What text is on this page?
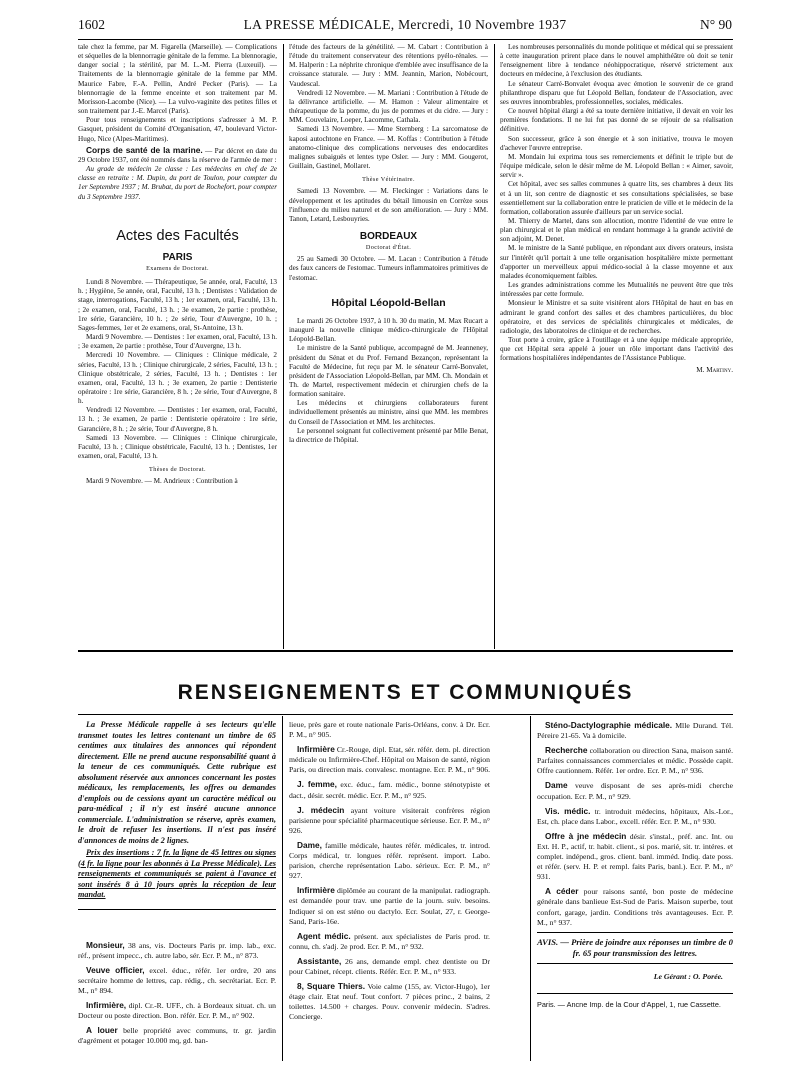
1602	LA PRESSE MÉDICALE, Mercredi, 10 Novembre 1937	N° 90

tale chez la femme, par M. Figarella (Marseille). — Complications et séquelles de la blennorragie génitale de la femme. La blennoragie, danger social ; la stérilité, par M. L.-M. Pierra (Luxeuil). — Traitements de la blennorragie génitale de la femme par MM. Maurice Fabre, F.-A. Pellin, André Pecker (Paris). — La blennorragie de la femme enceinte et son traitement par M. Morisson-Lacombe (Nice). — La vulvo-vaginite des petites filles et son traitement par J.-E. Marcel (Paris).

Pour tous renseignements et inscriptions s'adresser à M. P. Gasquet, président du Comité d'Organisation, 47, boulevard Victor-Hugo, Nice (Alpes-Maritimes).

Corps de santé de la marine. — Par décret en date du 29 Octobre 1937, ont été nommés dans la réserve de l'armée de mer :

Au grade de médecin 2e classe : Les médecins en chef de 2e classe en retraite : M. Dupin, du port de Toulon, pour compter du 1er Septembre 1937 ; M. Brubat, du port de Rochefort, pour compter du 3 Septembre 1937.

Actes des Facultés
PARIS
Examens de Doctorat.

Lundi 8 Novembre. — Thérapeutique, 5e année, oral, Faculté, 13 h. ; Hygiène, 5e année, oral, Faculté, 13 h. ; Dentistes : Validation de stage, interrogations, Faculté, 13 h. ; 1er examen, oral, Faculté, 13 h. ; 2e examen, oral, Faculté, 13 h. ; 3e examen, 2e partie : prothèse, 1re série, Garancière, 10 h. ; 2e série, Tour d'Auvergne, 10 h. ; Sages-femmes, 1er et 2e examens, oral, St-Antoine, 13 h.

Mardi 9 Novembre. — Dentistes : 1er examen, oral, Faculté, 13 h. ; 3e examen, 2e partie : prothèse, Tour d'Auvergne, 13 h.

Mercredi 10 Novembre. — Cliniques : Clinique médicale, 2 séries, Faculté, 13 h. ; Clinique chirurgicale, 2 séries, Faculté, 13 h. ; Clinique obstétricale, 2 séries, Faculté, 13 h. ; Dentistes : 1er examen, oral, Faculté, 13 h. ; 3e examen, 2e partie : Dentisterie opératoire : 1re série, Garancière, 8 h. ; 2e série, Tour d'Auvergne, 8 h.

Vendredi 12 Novembre. — Dentistes : 1er examen, oral, Faculté, 13 h. ; 3e examen, 2e partie : Dentisterie opératoire : 1re série, Garancière, 8 h. ; 2e série, Tour d'Auvergne, 8 h.

Samedi 13 Novembre. — Cliniques : Clinique chirurgicale, Faculté, 13 h. ; Clinique obstétricale, Faculté, 13 h. ; Dentistes, 1er examen, oral, Faculté, 13 h.

Thèses de Doctorat.

Mardi 9 Novembre. — M. Andrieux : Contribution à

l'étude des facteurs de la génétilité. — M. Cabart : Contribution à l'étude du traitement conservateur des rétentions pyélo-rénales. — M. Halperin : La néphrite chronique d'emblée avec insuffisance de la croissance staturale. — Jury : MM. Jeannin, Marion, Nobécourt, Vaudescal.

Vendredi 12 Novembre. — M. Mariani : Contribution à l'étude de la délivrance artificielle. — M. Hamon : Valeur alimentaire et thérapeutique de la pomme, du jus de pommes et du cidre. — Jury : MM. Couvelaire, Loeper, Lacomme, Cathala.

Samedi 13 Novembre. — Mme Sternberg : La sarcomatose de kaposi autochtone en France. — M. Koffas : Contribution à l'étude anatomo-clinique des complications nerveuses des endocardites malignes subaiguës et lentes type Osler. — Jury : MM. Gougerot, Guillain, Gastinel, Mollaret.

Thèse Vétérinaire.

Samedi 13 Novembre. — M. Fleckinger : Variations dans le développement et les aptitudes du bétail limousin en Corrèze sous l'influence du milieu naturel et de son amélioration. — Jury : MM. Tanon, Letard, Lesbouyries.

BORDEAUX
Doctorat d'État.

25 au Samedi 30 Octobre. — M. Lacan : Contribution à l'étude des faux cancers de l'estomac. Tumeurs inflammatoires primitives de l'estomac.

Hôpital Léopold-Bellan

Le mardi 26 Octobre 1937, à 10 h. 30 du matin, M. Max Rucart a inauguré la nouvelle clinique médico-chirurgicale de l'Hôpital Léopold-Bellan.

Le ministre de la Santé publique, accompagné de M. Jeanneney, président du Sénat et du Prof. Fernand Bezançon, représentant la Faculté de Médecine, fut reçu par M. le sénateur Carré-Bonvalet, président de l'Association Léopold-Bellan, par MM. Ch. Mondain et Th. de Martel, respectivement médecin et chirurgien chefs de la formation sanitaire.

Les médecins et chirurgiens collaborateurs furent individuellement présentés au ministre, ainsi que MM. les membres du Conseil de l'Association et MM. les architectes.

Le personnel soignant fut collectivement présenté par Mlle Benat, la directrice de l'hôpital.

Les nombreuses personnalités du monde politique et médical qui se pressaient à cette inauguration prirent place dans le nouvel amphithéâtre où doit se tenir l'enseignement libre à tendance néohippocratique, réservé strictement aux docteurs en médecine, à l'exclusion des étudiants.

Le sénateur Carré-Bonvalet évoqua avec émotion le souvenir de ce grand philanthrope disparu que fut Léopold Bellan, fondateur de l'Association, avec ses œuvres innombrables, professionnelles, sociales, médicales.

Ce nouvel hôpital élargi a été sa toute dernière initiative, il devait en voir les premières fondations. Il ne lui fut pas donné de se réjouir de sa réalisation définitive.

Son successeur, grâce à son énergie et à son initiative, trouva le moyen d'achever l'œuvre entreprise.

M. Mondain lui exprima tous ses remerciements et définit le triple but de l'équipe médicale, selon le désir même de M. Léopold Bellan : « Aimer, savoir, servir ».

Cet hôpital, avec ses salles communes à quatre lits, ses chambres à deux lits et à un lit, son centre de diagnostic et ses consultations spécialisées, se base essentiellement sur la collaboration entre le praticien de ville et le médecin de la formation, collaboration assurée d'ailleurs par un service social.

M. Thierry de Martel, dans son allocution, montre l'identité de vue entre le plan chirurgical et le plan médical en rendant hommage à la grande activité de son adjoint, M. Denet.

M. le ministre de la Santé publique, en répondant aux divers orateurs, insista sur l'intérêt qu'il portait à une telle organisation hospitalière mixte permettant d'apporter un merveilleux appui médico-social à la classe moyenne et aux malades économiquement faibles.

Les grandes administrations comme les Mutualités ne peuvent être que très intéressées par cette formule.

Monsieur le Ministre et sa suite visitèrent alors l'Hôpital de haut en bas en admirant le grand confort des salles et des chambres particulières, du bloc opératoire, et des services de spécialités chirurgicales et médicales, de radiologie, des laboratoires de clinique et de recherches.

Tout porte à croire, grâce à l'outillage et à une équipe médicale appropriée, que cet Hôpital sera appelé à jouer un rôle important dans l'activité des formations hospitalières indépendantes de l'Assistance Publique.

M. Martiny.

RENSEIGNEMENTS ET COMMUNIQUÉS

La Presse Médicale rappelle à ses lecteurs qu'elle transmet toutes les lettres contenant un timbre de 65 centimes aux titulaires des annonces qui répondent directement. Elle ne prend aucune responsabilité quant à la teneur de ces communiqués. Cette rubrique est absolument réservée aux annonces concernant les postes médicaux, les remplacements, les offres ou demandes d'emplois ou de cessions ayant un caractère médical ou para-médical ; il n'y est inséré aucune annonce commerciale. L'administration se réserve, après examen, le droit de refuser les insertions. Il n'est pas inséré d'annonces de moins de 2 lignes.

Prix des insertions : 7 fr. la ligne de 45 lettres ou signes (4 fr. la ligne pour les abonnés à La Presse Médicale). Les renseignements et communiqués se paient à l'avance et sont insérés 8 à 10 jours après la réception de leur mandat.

Monsieur, 38 ans, vis. Docteurs Paris pr. imp. lab., exc. réf., présent impecc., ch. autre labo, sér. Ecr. P. M., n° 873.

Veuve officier, excel. éduc., référ. 1er ordre, 20 ans secrétaire homme de lettres, cap. rédig., ch. secrétariat. Ecr. P. M., n° 894.

Infirmière, dipl. Cr.-R. UFF., ch. à Bordeaux situat. ch. un Docteur ou poste direction. Bon. référ. Ecr. P. M., n° 902.

A louer belle propriété avec communs, tr. gr. jardin d'agrément et potager 10.000 mq, gd. ban-

lieue, près gare et route nationale Paris-Orléans, conv. à Dr. Ecr. P. M., n° 905.

Infirmière Cr.-Rouge, dipl. Etat, sér. référ. dem. pl. direction médicale ou Infirmière-Chef. Hôpital ou Maison de santé, région Paris, ou direction mais. convalesc. montagne. Ecr. P. M., n° 906.

J. femme, exc. éduc., fam. médic., bonne sténotypiste et dact., désir. secrét. médic. Ecr. P. M., n° 925.

J. médecin ayant voiture visiterait confrères région parisienne pour spécialité pharmaceutique sérieuse. Ecr. P. M., n° 926.

Dame, famille médicale, hautes référ. médicales, tr. introd. Corps médical, tr. longues référ. représent. import. Labo. parision, cherche représentation Labo. sérieux. Ecr. P. M., n° 927.

Infirmière diplômée au courant de la manipulat. radiograph. est demandée pour trav. une partie de la journ. suiv. besoins. Indiquer si on est sténo ou dactylo. Ecr. Soulat, 27, r. George-Sand, Paris-16e.

Agent médic. présent. aux spécialistes de Paris prod. tr. connu, ch. s'adj. 2e prod. Ecr. P. M., n° 932.

Assistante, 26 ans, demande empl. chez dentiste ou Dr pour Cabinet, récept. clients. Référ. Ecr. P. M., n° 933.

8, Square Thiers. Voie calme (155, av. Victor-Hugo), 1er étage clair. Etat neuf. Tout confort. 7 pièces princ., 2 bains, 2 toilettes. 14.500 + charges. Pouv. convenir médecin. S'adres. Concierge.

Sténo-Dactylographie médicale. Mlle Durand. Tél. Péreire 21-65. Va à domicile.

Recherche collaboration ou direction Sana, maison santé. Parfaites connaissances commerciales et médic. Possède capit. Offre cautionnem. Référ. 1er ordre. Ecr. P. M., n° 936.

Dame veuve disposant de ses après-midi cherche occupation. Ecr. P. M., n° 929.

Vis. médic. tr. introduit médecins, hôpitaux, Als.-Lor., Est, ch. place dans Labor., excell. référ. Ecr. P. M., n° 930.

Offre à jne médecin désir. s'instal., préf. anc. Int. ou Ext. H. P., actif, tr. habit. client., si pos. marié, sit. tr. intéres. et complet. indépend., gros. client. banl. imméd. Indiq. date poss. et référ. (serv. H. P. et rempl. faits Paris, banl.). Ecr. P. M., n° 931.

A céder pour raisons santé, bon poste de médecine générale dans banlieue Est-Sud de Paris. Maison superbe, tout confort, garage, jardin. Conditions très avantageuses. Ecr. P. M., n° 937.

AVIS. — Prière de joindre aux réponses un timbre de 0 fr. 65 pour transmission des lettres.
Le Gérant : O. Porée.
Paris. — Ancne Imp. de la Cour d'Appel, 1, rue Cassette.
